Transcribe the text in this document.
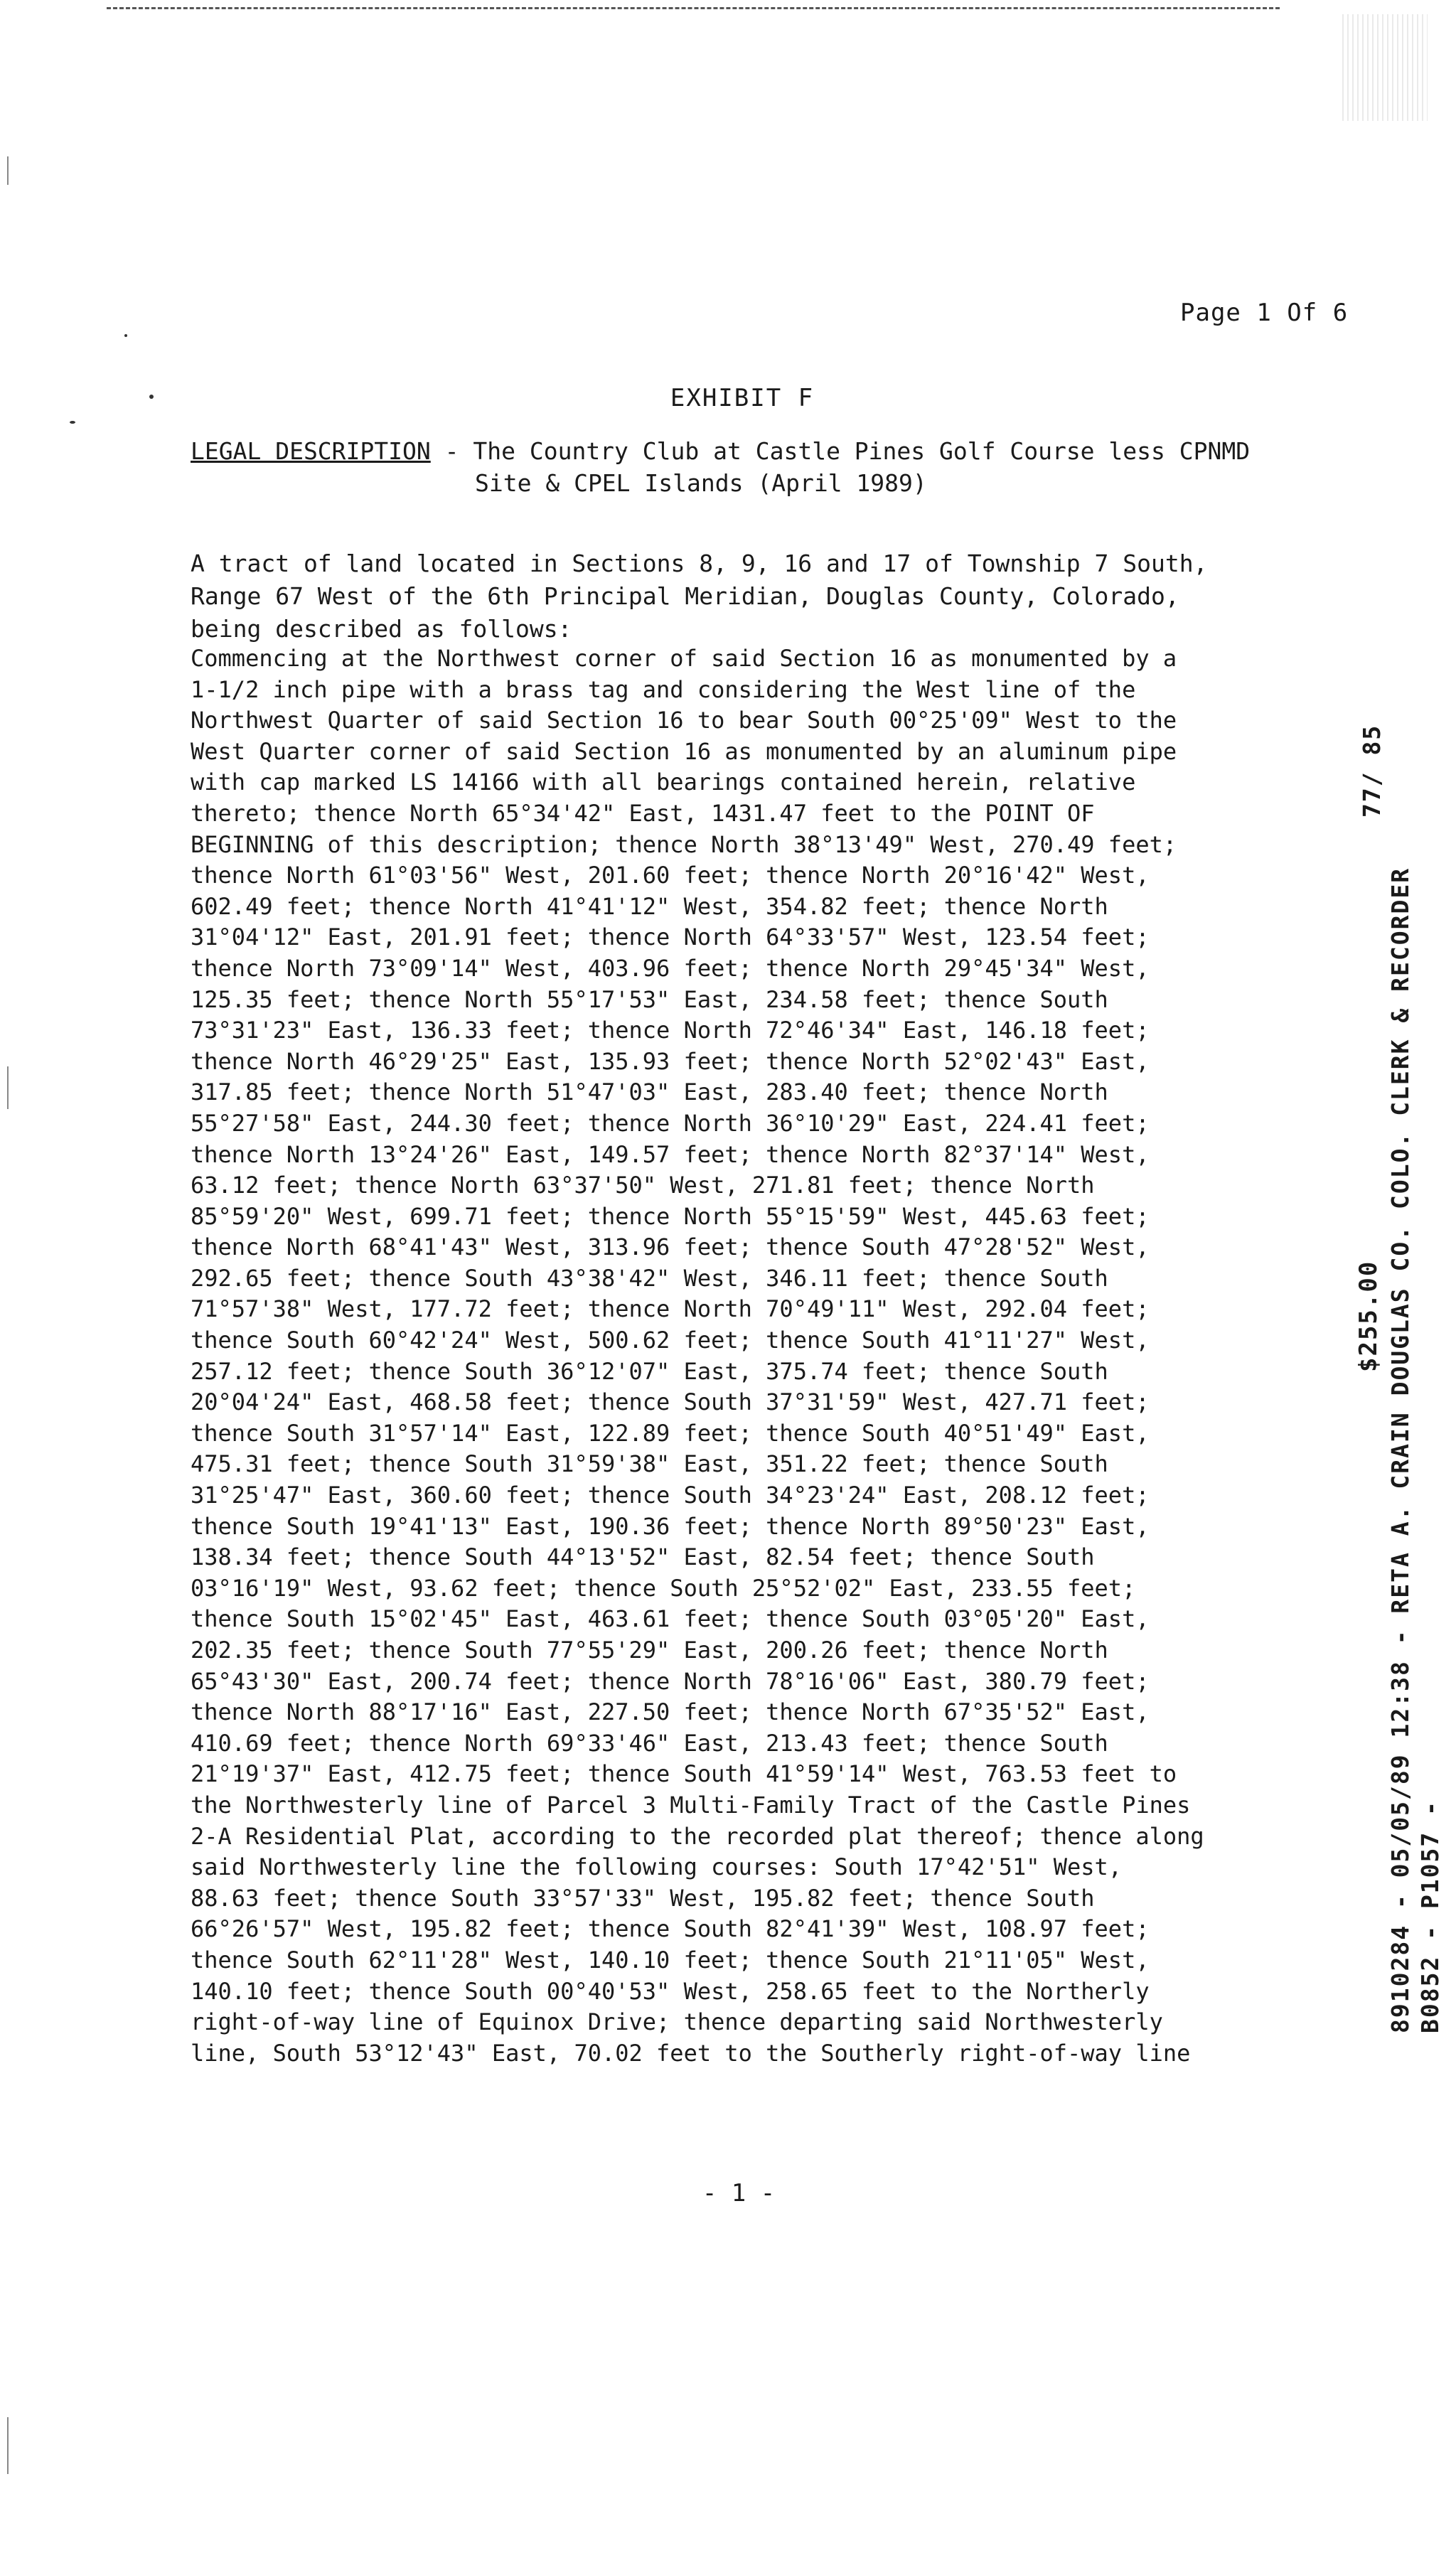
Page 1 Of 6
EXHIBIT F
LEGAL DESCRIPTION - The Country Club at Castle Pines Golf Course less CPNMD
Site & CPEL Islands (April 1989)
A tract of land located in Sections 8, 9, 16 and 17 of Township 7 South,
Range 67 West of the 6th Principal Meridian, Douglas County, Colorado,
being described as follows:
Commencing at the Northwest corner of said Section 16 as monumented by a
1-1/2 inch pipe with a brass tag and considering the West line of the
Northwest Quarter of said Section 16 to bear South 00°25'09" West to the
West Quarter corner of said Section 16 as monumented by an aluminum pipe
with cap marked LS 14166 with all bearings contained herein, relative
thereto; thence North 65°34'42" East, 1431.47 feet to the POINT OF
BEGINNING of this description; thence North 38°13'49" West, 270.49 feet;
thence North 61°03'56" West, 201.60 feet; thence North 20°16'42" West,
602.49 feet; thence North 41°41'12" West, 354.82 feet; thence North
31°04'12" East, 201.91 feet; thence North 64°33'57" West, 123.54 feet;
thence North 73°09'14" West, 403.96 feet; thence North 29°45'34" West,
125.35 feet; thence North 55°17'53" East, 234.58 feet; thence South
73°31'23" East, 136.33 feet; thence North 72°46'34" East, 146.18 feet;
thence North 46°29'25" East, 135.93 feet; thence North 52°02'43" East,
317.85 feet; thence North 51°47'03" East, 283.40 feet; thence North
55°27'58" East, 244.30 feet; thence North 36°10'29" East, 224.41 feet;
thence North 13°24'26" East, 149.57 feet; thence North 82°37'14" West,
63.12 feet; thence North 63°37'50" West, 271.81 feet; thence North
85°59'20" West, 699.71 feet; thence North 55°15'59" West, 445.63 feet;
thence North 68°41'43" West, 313.96 feet; thence South 47°28'52" West,
292.65 feet; thence South 43°38'42" West, 346.11 feet; thence South
71°57'38" West, 177.72 feet; thence North 70°49'11" West, 292.04 feet;
thence South 60°42'24" West, 500.62 feet; thence South 41°11'27" West,
257.12 feet; thence South 36°12'07" East, 375.74 feet; thence South
20°04'24" East, 468.58 feet; thence South 37°31'59" West, 427.71 feet;
thence South 31°57'14" East, 122.89 feet; thence South 40°51'49" East,
475.31 feet; thence South 31°59'38" East, 351.22 feet; thence South
31°25'47" East, 360.60 feet; thence South 34°23'24" East, 208.12 feet;
thence South 19°41'13" East, 190.36 feet; thence North 89°50'23" East,
138.34 feet; thence South 44°13'52" East, 82.54 feet; thence South
03°16'19" West, 93.62 feet; thence South 25°52'02" East, 233.55 feet;
thence South 15°02'45" East, 463.61 feet; thence South 03°05'20" East,
202.35 feet; thence South 77°55'29" East, 200.26 feet; thence North
65°43'30" East, 200.74 feet; thence North 78°16'06" East, 380.79 feet;
thence North 88°17'16" East, 227.50 feet; thence North 67°35'52" East,
410.69 feet; thence North 69°33'46" East, 213.43 feet; thence South
21°19'37" East, 412.75 feet; thence South 41°59'14" West, 763.53 feet to
the Northwesterly line of Parcel 3 Multi-Family Tract of the Castle Pines
2-A Residential Plat, according to the recorded plat thereof; thence along
said Northwesterly line the following courses: South 17°42'51" West,
88.63 feet; thence South 33°57'33" West, 195.82 feet; thence South
66°26'57" West, 195.82 feet; thence South 82°41'39" West, 108.97 feet;
thence South 62°11'28" West, 140.10 feet; thence South 21°11'05" West,
140.10 feet; thence South 00°40'53" West, 258.65 feet to the Northerly
right-of-way line of Equinox Drive; thence departing said Northwesterly
line, South 53°12'43" East, 70.02 feet to the Southerly right-of-way line
- 1 -
8910284 - 05/05/89 12:38 - RETA A. CRAIN DOUGLAS CO. COLO. CLERK & RECORDER B0852 - P1057 -
$255.00
77/ 85
